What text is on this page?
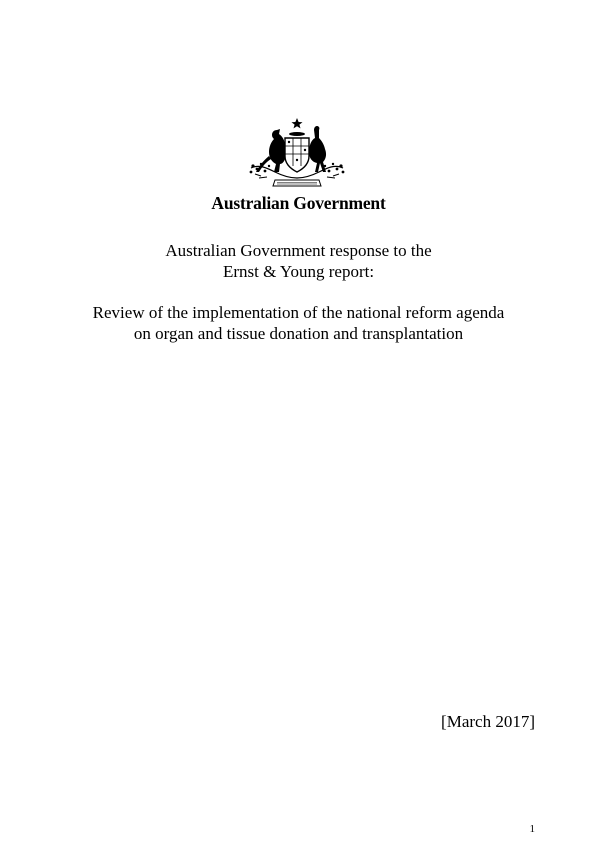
Australian Government
Australian Government response to the
Ernst & Young report:
Review of the implementation of the national reform agenda
on organ and tissue donation and transplantation
[March 2017]
1
